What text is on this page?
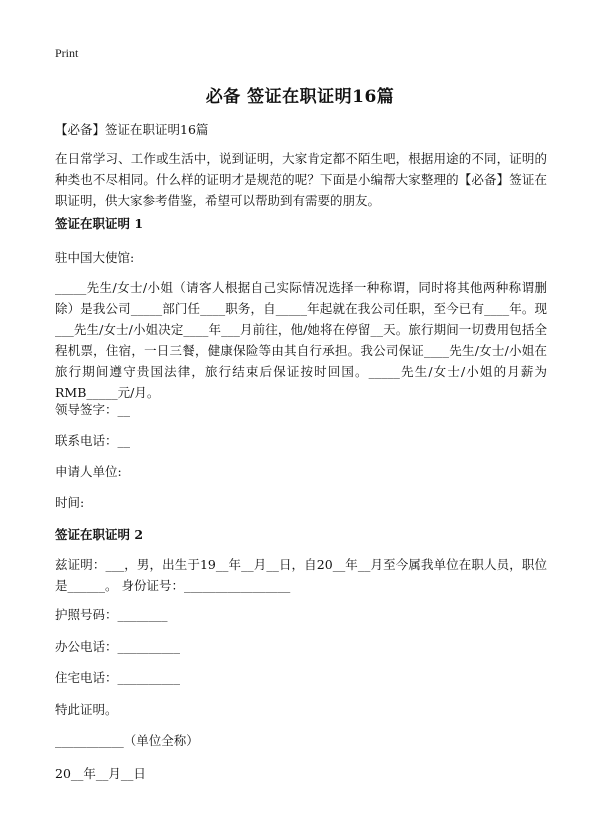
Print
必备 签证在职证明16篇
【必备】签证在职证明16篇
在日常学习、工作或生活中，说到证明，大家肯定都不陌生吧，根据用途的不同，证明的种类也不尽相同。什么样的证明才是规范的呢？下面是小编帮大家整理的【必备】签证在职证明，供大家参考借鉴，希望可以帮助到有需要的朋友。
签证在职证明 1
驻中国大使馆:
_____先生/女士/小姐（请客人根据自己实际情况选择一种称谓，同时将其他两种称谓删除）是我公司_____部门任____职务，自_____年起就在我公司任职，至今已有____年。现___先生/女士/小姐决定____年___月前往，他/她将在停留__天。旅行期间一切费用包括全程机票，住宿，一日三餐，健康保险等由其自行承担。我公司保证____先生/女士/小姐在旅行期间遵守贵国法律，旅行结束后保证按时回国。_____先生/女士/小姐的月薪为RMB_____元/月。
领导签字：__
联系电话：__
申请人单位:
时间:
签证在职证明 2
兹证明：___，男，出生于19__年__月__日，自20__年__月至今属我单位在职人员，职位是______。 身份证号：_________________
护照号码：________
办公电话：__________
住宅电话：__________
特此证明。
___________（单位全称）
20__年__月__日
